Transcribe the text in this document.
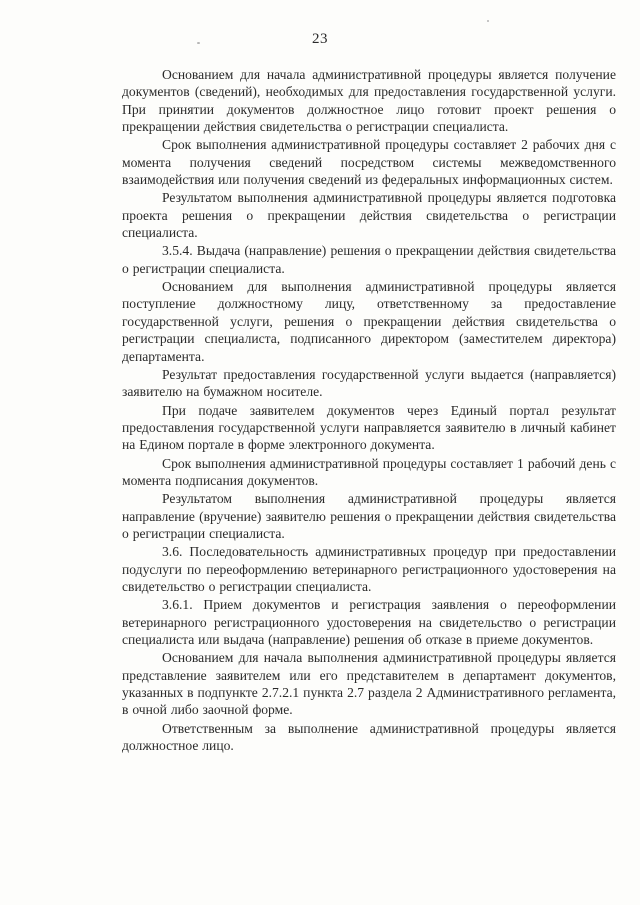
23

Основанием для начала административной процедуры является получение документов (сведений), необходимых для предоставления государственной услуги. При принятии документов должностное лицо готовит проект решения о прекращении действия свидетельства о регистрации специалиста.

Срок выполнения административной процедуры составляет 2 рабочих дня с момента получения сведений посредством системы межведомственного взаимодействия или получения сведений из федеральных информационных систем.

Результатом выполнения административной процедуры является подготовка проекта решения о прекращении действия свидетельства о регистрации специалиста.

3.5.4. Выдача (направление) решения о прекращении действия свидетельства о регистрации специалиста.

Основанием для выполнения административной процедуры является поступление должностному лицу, ответственному за предоставление государственной услуги, решения о прекращении действия свидетельства о регистрации специалиста, подписанного директором (заместителем директора) департамента.

Результат предоставления государственной услуги выдается (направляется) заявителю на бумажном носителе.

При подаче заявителем документов через Единый портал результат предоставления государственной услуги направляется заявителю в личный кабинет на Едином портале в форме электронного документа.

Срок выполнения административной процедуры составляет 1 рабочий день с момента подписания документов.

Результатом выполнения административной процедуры является направление (вручение) заявителю решения о прекращении действия свидетельства о регистрации специалиста.

3.6. Последовательность административных процедур при предоставлении подуслуги по переоформлению ветеринарного регистрационного удостоверения на свидетельство о регистрации специалиста.

3.6.1. Прием документов и регистрация заявления о переоформлении ветеринарного регистрационного удостоверения на свидетельство о регистрации специалиста или выдача (направление) решения об отказе в приеме документов.

Основанием для начала выполнения административной процедуры является представление заявителем или его представителем в департамент документов, указанных в подпункте 2.7.2.1 пункта 2.7 раздела 2 Административного регламента, в очной либо заочной форме.

Ответственным за выполнение административной процедуры является должностное лицо.
